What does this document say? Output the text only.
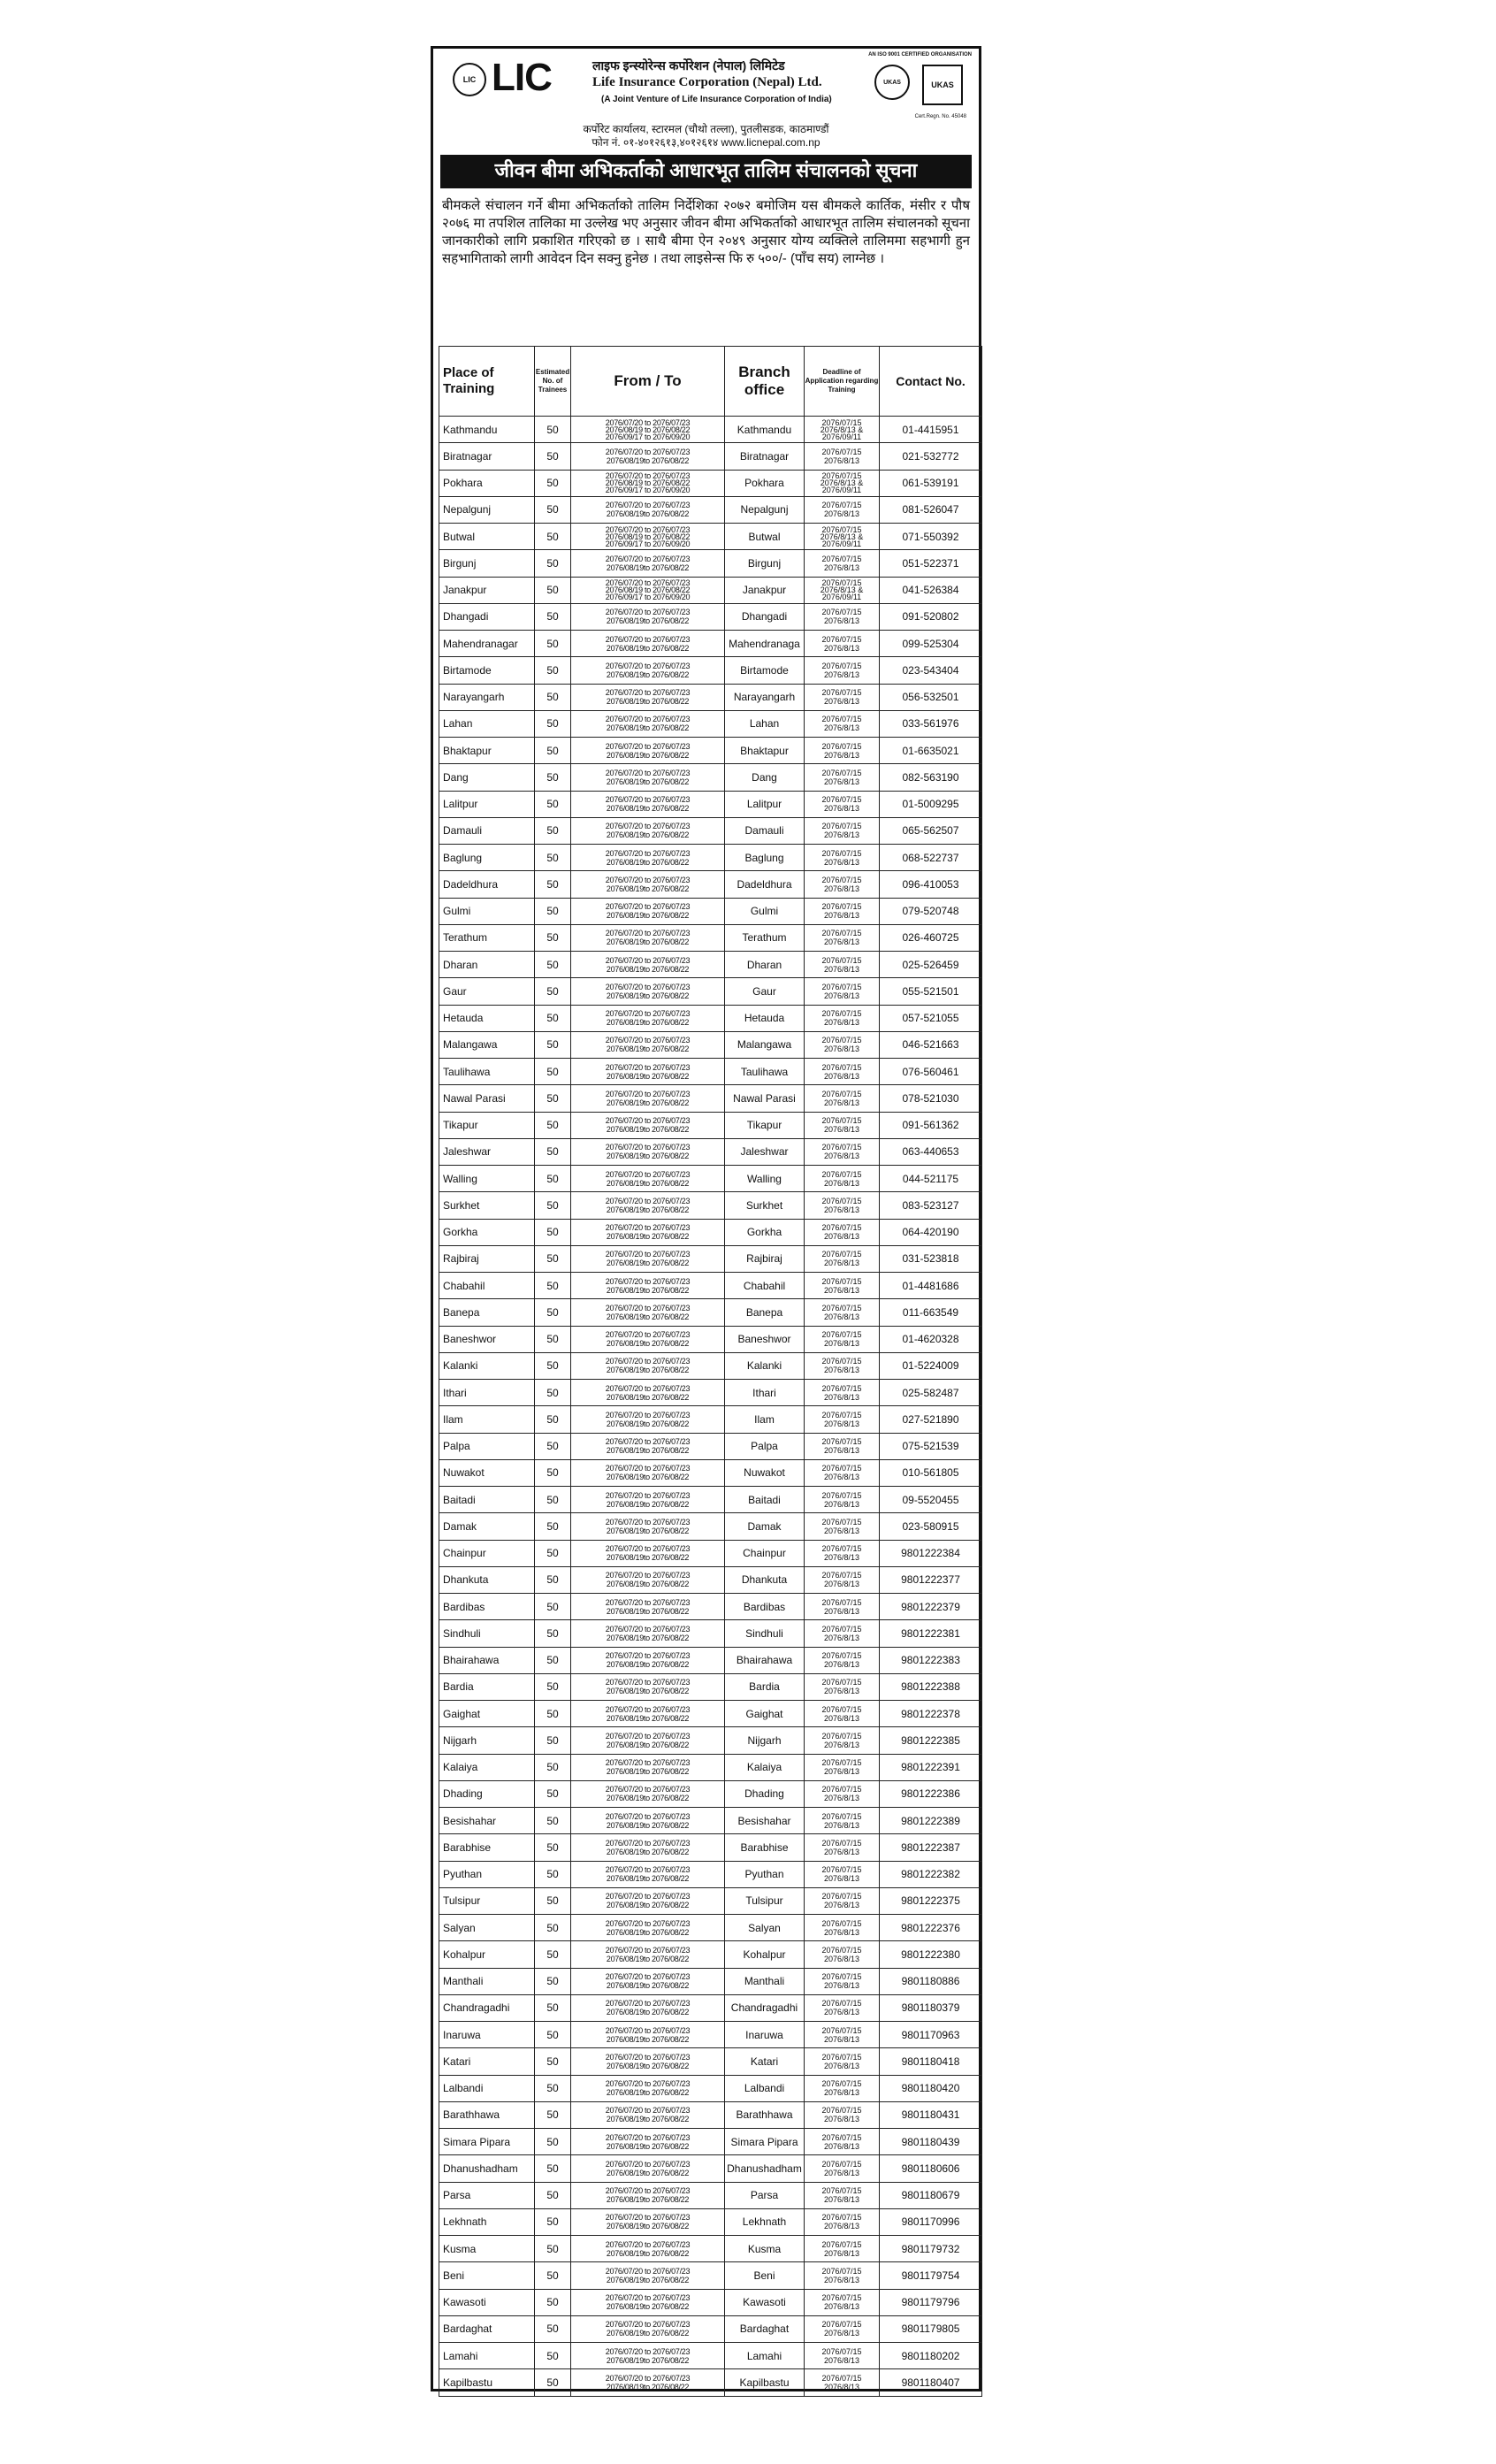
LIC LIC	लाइफ इन्स्योरेन्स कर्पोरेशन (नेपाल) लिमिटेड
Life Insurance Corporation (Nepal) Ltd.
(A Joint Venture of Life Insurance Corporation of India)
AN ISO 9001 CERTIFIED ORGANISATION
UKAS	UKAS
Cert.Regn. No. 45048
कर्पोरेट कार्यालय, स्टारमल (चौथो तल्ला), पुतलीसडक, काठमाण्डौं
फोन नं. ०१-४०१२६१३,४०१२६१४ www.licnepal.com.np
जीवन बीमा अभिकर्ताको आधारभूत तालिम संचालनको सूचना
बीमकले संचालन गर्ने बीमा अभिकर्ताको तालिम निर्देशिका २०७२ बमोजिम यस बीमकले कार्तिक, मंसीर र पौष २०७६ मा तपशिल तालिका मा उल्लेख भए अनुसार जीवन बीमा अभिकर्ताको आधारभूत तालिम संचालनको सूचना जानकारीको लागि प्रकाशित गरिएको छ । साथै बीमा ऐन २०४९ अनुसार योग्य व्यक्तिले तालिममा सहभागी हुन सहभागिताको लागी आवेदन दिन सक्नु हुनेछ । तथा लाइसेन्स फि रु ५००/- (पाँच सय) लाग्नेछ ।
Place of Training	Estimated No. of Trainees	From / To	Branch office	Deadline of Application regarding Training	Contact No.
Kathmandu	50	2076/07/20 to 2076/07/23
2076/08/19 to 2076/08/22
2076/09/17 to 2076/09/20	Kathmandu	2076/07/15
2076/8/13 &
2076/09/11	01-4415951
Biratnagar	50	2076/07/20 to 2076/07/23
2076/08/19to 2076/08/22	Biratnagar	2076/07/15
2076/8/13	021-532772
Pokhara	50	2076/07/20 to 2076/07/23
2076/08/19 to 2076/08/22
2076/09/17 to 2076/09/20	Pokhara	2076/07/15
2076/8/13 &
2076/09/11	061-539191
Nepalgunj	50	2076/07/20 to 2076/07/23
2076/08/19to 2076/08/22	Nepalgunj	2076/07/15
2076/8/13	081-526047
Butwal	50	2076/07/20 to 2076/07/23
2076/08/19 to 2076/08/22
2076/09/17 to 2076/09/20	Butwal	2076/07/15
2076/8/13 &
2076/09/11	071-550392
Birgunj	50	2076/07/20 to 2076/07/23
2076/08/19to 2076/08/22	Birgunj	2076/07/15
2076/8/13	051-522371
Janakpur	50	2076/07/20 to 2076/07/23
2076/08/19 to 2076/08/22
2076/09/17 to 2076/09/20	Janakpur	2076/07/15
2076/8/13 &
2076/09/11	041-526384
Dhangadi	50	2076/07/20 to 2076/07/23
2076/08/19to 2076/08/22	Dhangadi	2076/07/15
2076/8/13	091-520802
Mahendranagar	50	2076/07/20 to 2076/07/23
2076/08/19to 2076/08/22	Mahendranaga	2076/07/15
2076/8/13	099-525304
Birtamode	50	2076/07/20 to 2076/07/23
2076/08/19to 2076/08/22	Birtamode	2076/07/15
2076/8/13	023-543404
Narayangarh	50	2076/07/20 to 2076/07/23
2076/08/19to 2076/08/22	Narayangarh	2076/07/15
2076/8/13	056-532501
Lahan	50	2076/07/20 to 2076/07/23
2076/08/19to 2076/08/22	Lahan	2076/07/15
2076/8/13	033-561976
Bhaktapur	50	2076/07/20 to 2076/07/23
2076/08/19to 2076/08/22	Bhaktapur	2076/07/15
2076/8/13	01-6635021
Dang	50	2076/07/20 to 2076/07/23
2076/08/19to 2076/08/22	Dang	2076/07/15
2076/8/13	082-563190
Lalitpur	50	2076/07/20 to 2076/07/23
2076/08/19to 2076/08/22	Lalitpur	2076/07/15
2076/8/13	01-5009295
Damauli	50	2076/07/20 to 2076/07/23
2076/08/19to 2076/08/22	Damauli	2076/07/15
2076/8/13	065-562507
Baglung	50	2076/07/20 to 2076/07/23
2076/08/19to 2076/08/22	Baglung	2076/07/15
2076/8/13	068-522737
Dadeldhura	50	2076/07/20 to 2076/07/23
2076/08/19to 2076/08/22	Dadeldhura	2076/07/15
2076/8/13	096-410053
Gulmi	50	2076/07/20 to 2076/07/23
2076/08/19to 2076/08/22	Gulmi	2076/07/15
2076/8/13	079-520748
Terathum	50	2076/07/20 to 2076/07/23
2076/08/19to 2076/08/22	Terathum	2076/07/15
2076/8/13	026-460725
Dharan	50	2076/07/20 to 2076/07/23
2076/08/19to 2076/08/22	Dharan	2076/07/15
2076/8/13	025-526459
Gaur	50	2076/07/20 to 2076/07/23
2076/08/19to 2076/08/22	Gaur	2076/07/15
2076/8/13	055-521501
Hetauda	50	2076/07/20 to 2076/07/23
2076/08/19to 2076/08/22	Hetauda	2076/07/15
2076/8/13	057-521055
Malangawa	50	2076/07/20 to 2076/07/23
2076/08/19to 2076/08/22	Malangawa	2076/07/15
2076/8/13	046-521663
Taulihawa	50	2076/07/20 to 2076/07/23
2076/08/19to 2076/08/22	Taulihawa	2076/07/15
2076/8/13	076-560461
Nawal Parasi	50	2076/07/20 to 2076/07/23
2076/08/19to 2076/08/22	Nawal Parasi	2076/07/15
2076/8/13	078-521030
Tikapur	50	2076/07/20 to 2076/07/23
2076/08/19to 2076/08/22	Tikapur	2076/07/15
2076/8/13	091-561362
Jaleshwar	50	2076/07/20 to 2076/07/23
2076/08/19to 2076/08/22	Jaleshwar	2076/07/15
2076/8/13	063-440653
Walling	50	2076/07/20 to 2076/07/23
2076/08/19to 2076/08/22	Walling	2076/07/15
2076/8/13	044-521175
Surkhet	50	2076/07/20 to 2076/07/23
2076/08/19to 2076/08/22	Surkhet	2076/07/15
2076/8/13	083-523127
Gorkha	50	2076/07/20 to 2076/07/23
2076/08/19to 2076/08/22	Gorkha	2076/07/15
2076/8/13	064-420190
Rajbiraj	50	2076/07/20 to 2076/07/23
2076/08/19to 2076/08/22	Rajbiraj	2076/07/15
2076/8/13	031-523818
Chabahil	50	2076/07/20 to 2076/07/23
2076/08/19to 2076/08/22	Chabahil	2076/07/15
2076/8/13	01-4481686
Banepa	50	2076/07/20 to 2076/07/23
2076/08/19to 2076/08/22	Banepa	2076/07/15
2076/8/13	011-663549
Baneshwor	50	2076/07/20 to 2076/07/23
2076/08/19to 2076/08/22	Baneshwor	2076/07/15
2076/8/13	01-4620328
Kalanki	50	2076/07/20 to 2076/07/23
2076/08/19to 2076/08/22	Kalanki	2076/07/15
2076/8/13	01-5224009
Ithari	50	2076/07/20 to 2076/07/23
2076/08/19to 2076/08/22	Ithari	2076/07/15
2076/8/13	025-582487
Ilam	50	2076/07/20 to 2076/07/23
2076/08/19to 2076/08/22	Ilam	2076/07/15
2076/8/13	027-521890
Palpa	50	2076/07/20 to 2076/07/23
2076/08/19to 2076/08/22	Palpa	2076/07/15
2076/8/13	075-521539
Nuwakot	50	2076/07/20 to 2076/07/23
2076/08/19to 2076/08/22	Nuwakot	2076/07/15
2076/8/13	010-561805
Baitadi	50	2076/07/20 to 2076/07/23
2076/08/19to 2076/08/22	Baitadi	2076/07/15
2076/8/13	09-5520455
Damak	50	2076/07/20 to 2076/07/23
2076/08/19to 2076/08/22	Damak	2076/07/15
2076/8/13	023-580915
Chainpur	50	2076/07/20 to 2076/07/23
2076/08/19to 2076/08/22	Chainpur	2076/07/15
2076/8/13	9801222384
Dhankuta	50	2076/07/20 to 2076/07/23
2076/08/19to 2076/08/22	Dhankuta	2076/07/15
2076/8/13	9801222377
Bardibas	50	2076/07/20 to 2076/07/23
2076/08/19to 2076/08/22	Bardibas	2076/07/15
2076/8/13	9801222379
Sindhuli	50	2076/07/20 to 2076/07/23
2076/08/19to 2076/08/22	Sindhuli	2076/07/15
2076/8/13	9801222381
Bhairahawa	50	2076/07/20 to 2076/07/23
2076/08/19to 2076/08/22	Bhairahawa	2076/07/15
2076/8/13	9801222383
Bardia	50	2076/07/20 to 2076/07/23
2076/08/19to 2076/08/22	Bardia	2076/07/15
2076/8/13	9801222388
Gaighat	50	2076/07/20 to 2076/07/23
2076/08/19to 2076/08/22	Gaighat	2076/07/15
2076/8/13	9801222378
Nijgarh	50	2076/07/20 to 2076/07/23
2076/08/19to 2076/08/22	Nijgarh	2076/07/15
2076/8/13	9801222385
Kalaiya	50	2076/07/20 to 2076/07/23
2076/08/19to 2076/08/22	Kalaiya	2076/07/15
2076/8/13	9801222391
Dhading	50	2076/07/20 to 2076/07/23
2076/08/19to 2076/08/22	Dhading	2076/07/15
2076/8/13	9801222386
Besishahar	50	2076/07/20 to 2076/07/23
2076/08/19to 2076/08/22	Besishahar	2076/07/15
2076/8/13	9801222389
Barabhise	50	2076/07/20 to 2076/07/23
2076/08/19to 2076/08/22	Barabhise	2076/07/15
2076/8/13	9801222387
Pyuthan	50	2076/07/20 to 2076/07/23
2076/08/19to 2076/08/22	Pyuthan	2076/07/15
2076/8/13	9801222382
Tulsipur	50	2076/07/20 to 2076/07/23
2076/08/19to 2076/08/22	Tulsipur	2076/07/15
2076/8/13	9801222375
Salyan	50	2076/07/20 to 2076/07/23
2076/08/19to 2076/08/22	Salyan	2076/07/15
2076/8/13	9801222376
Kohalpur	50	2076/07/20 to 2076/07/23
2076/08/19to 2076/08/22	Kohalpur	2076/07/15
2076/8/13	9801222380
Manthali	50	2076/07/20 to 2076/07/23
2076/08/19to 2076/08/22	Manthali	2076/07/15
2076/8/13	9801180886
Chandragadhi	50	2076/07/20 to 2076/07/23
2076/08/19to 2076/08/22	Chandragadhi	2076/07/15
2076/8/13	9801180379
Inaruwa	50	2076/07/20 to 2076/07/23
2076/08/19to 2076/08/22	Inaruwa	2076/07/15
2076/8/13	9801170963
Katari	50	2076/07/20 to 2076/07/23
2076/08/19to 2076/08/22	Katari	2076/07/15
2076/8/13	9801180418
Lalbandi	50	2076/07/20 to 2076/07/23
2076/08/19to 2076/08/22	Lalbandi	2076/07/15
2076/8/13	9801180420
Barathhawa	50	2076/07/20 to 2076/07/23
2076/08/19to 2076/08/22	Barathhawa	2076/07/15
2076/8/13	9801180431
Simara Pipara	50	2076/07/20 to 2076/07/23
2076/08/19to 2076/08/22	Simara Pipara	2076/07/15
2076/8/13	9801180439
Dhanushadham	50	2076/07/20 to 2076/07/23
2076/08/19to 2076/08/22	Dhanushadham	2076/07/15
2076/8/13	9801180606
Parsa	50	2076/07/20 to 2076/07/23
2076/08/19to 2076/08/22	Parsa	2076/07/15
2076/8/13	9801180679
Lekhnath	50	2076/07/20 to 2076/07/23
2076/08/19to 2076/08/22	Lekhnath	2076/07/15
2076/8/13	9801170996
Kusma	50	2076/07/20 to 2076/07/23
2076/08/19to 2076/08/22	Kusma	2076/07/15
2076/8/13	9801179732
Beni	50	2076/07/20 to 2076/07/23
2076/08/19to 2076/08/22	Beni	2076/07/15
2076/8/13	9801179754
Kawasoti	50	2076/07/20 to 2076/07/23
2076/08/19to 2076/08/22	Kawasoti	2076/07/15
2076/8/13	9801179796
Bardaghat	50	2076/07/20 to 2076/07/23
2076/08/19to 2076/08/22	Bardaghat	2076/07/15
2076/8/13	9801179805
Lamahi	50	2076/07/20 to 2076/07/23
2076/08/19to 2076/08/22	Lamahi	2076/07/15
2076/8/13	9801180202
Kapilbastu	50	2076/07/20 to 2076/07/23
2076/08/19to 2076/08/22	Kapilbastu	2076/07/15
2076/8/13	9801180407
